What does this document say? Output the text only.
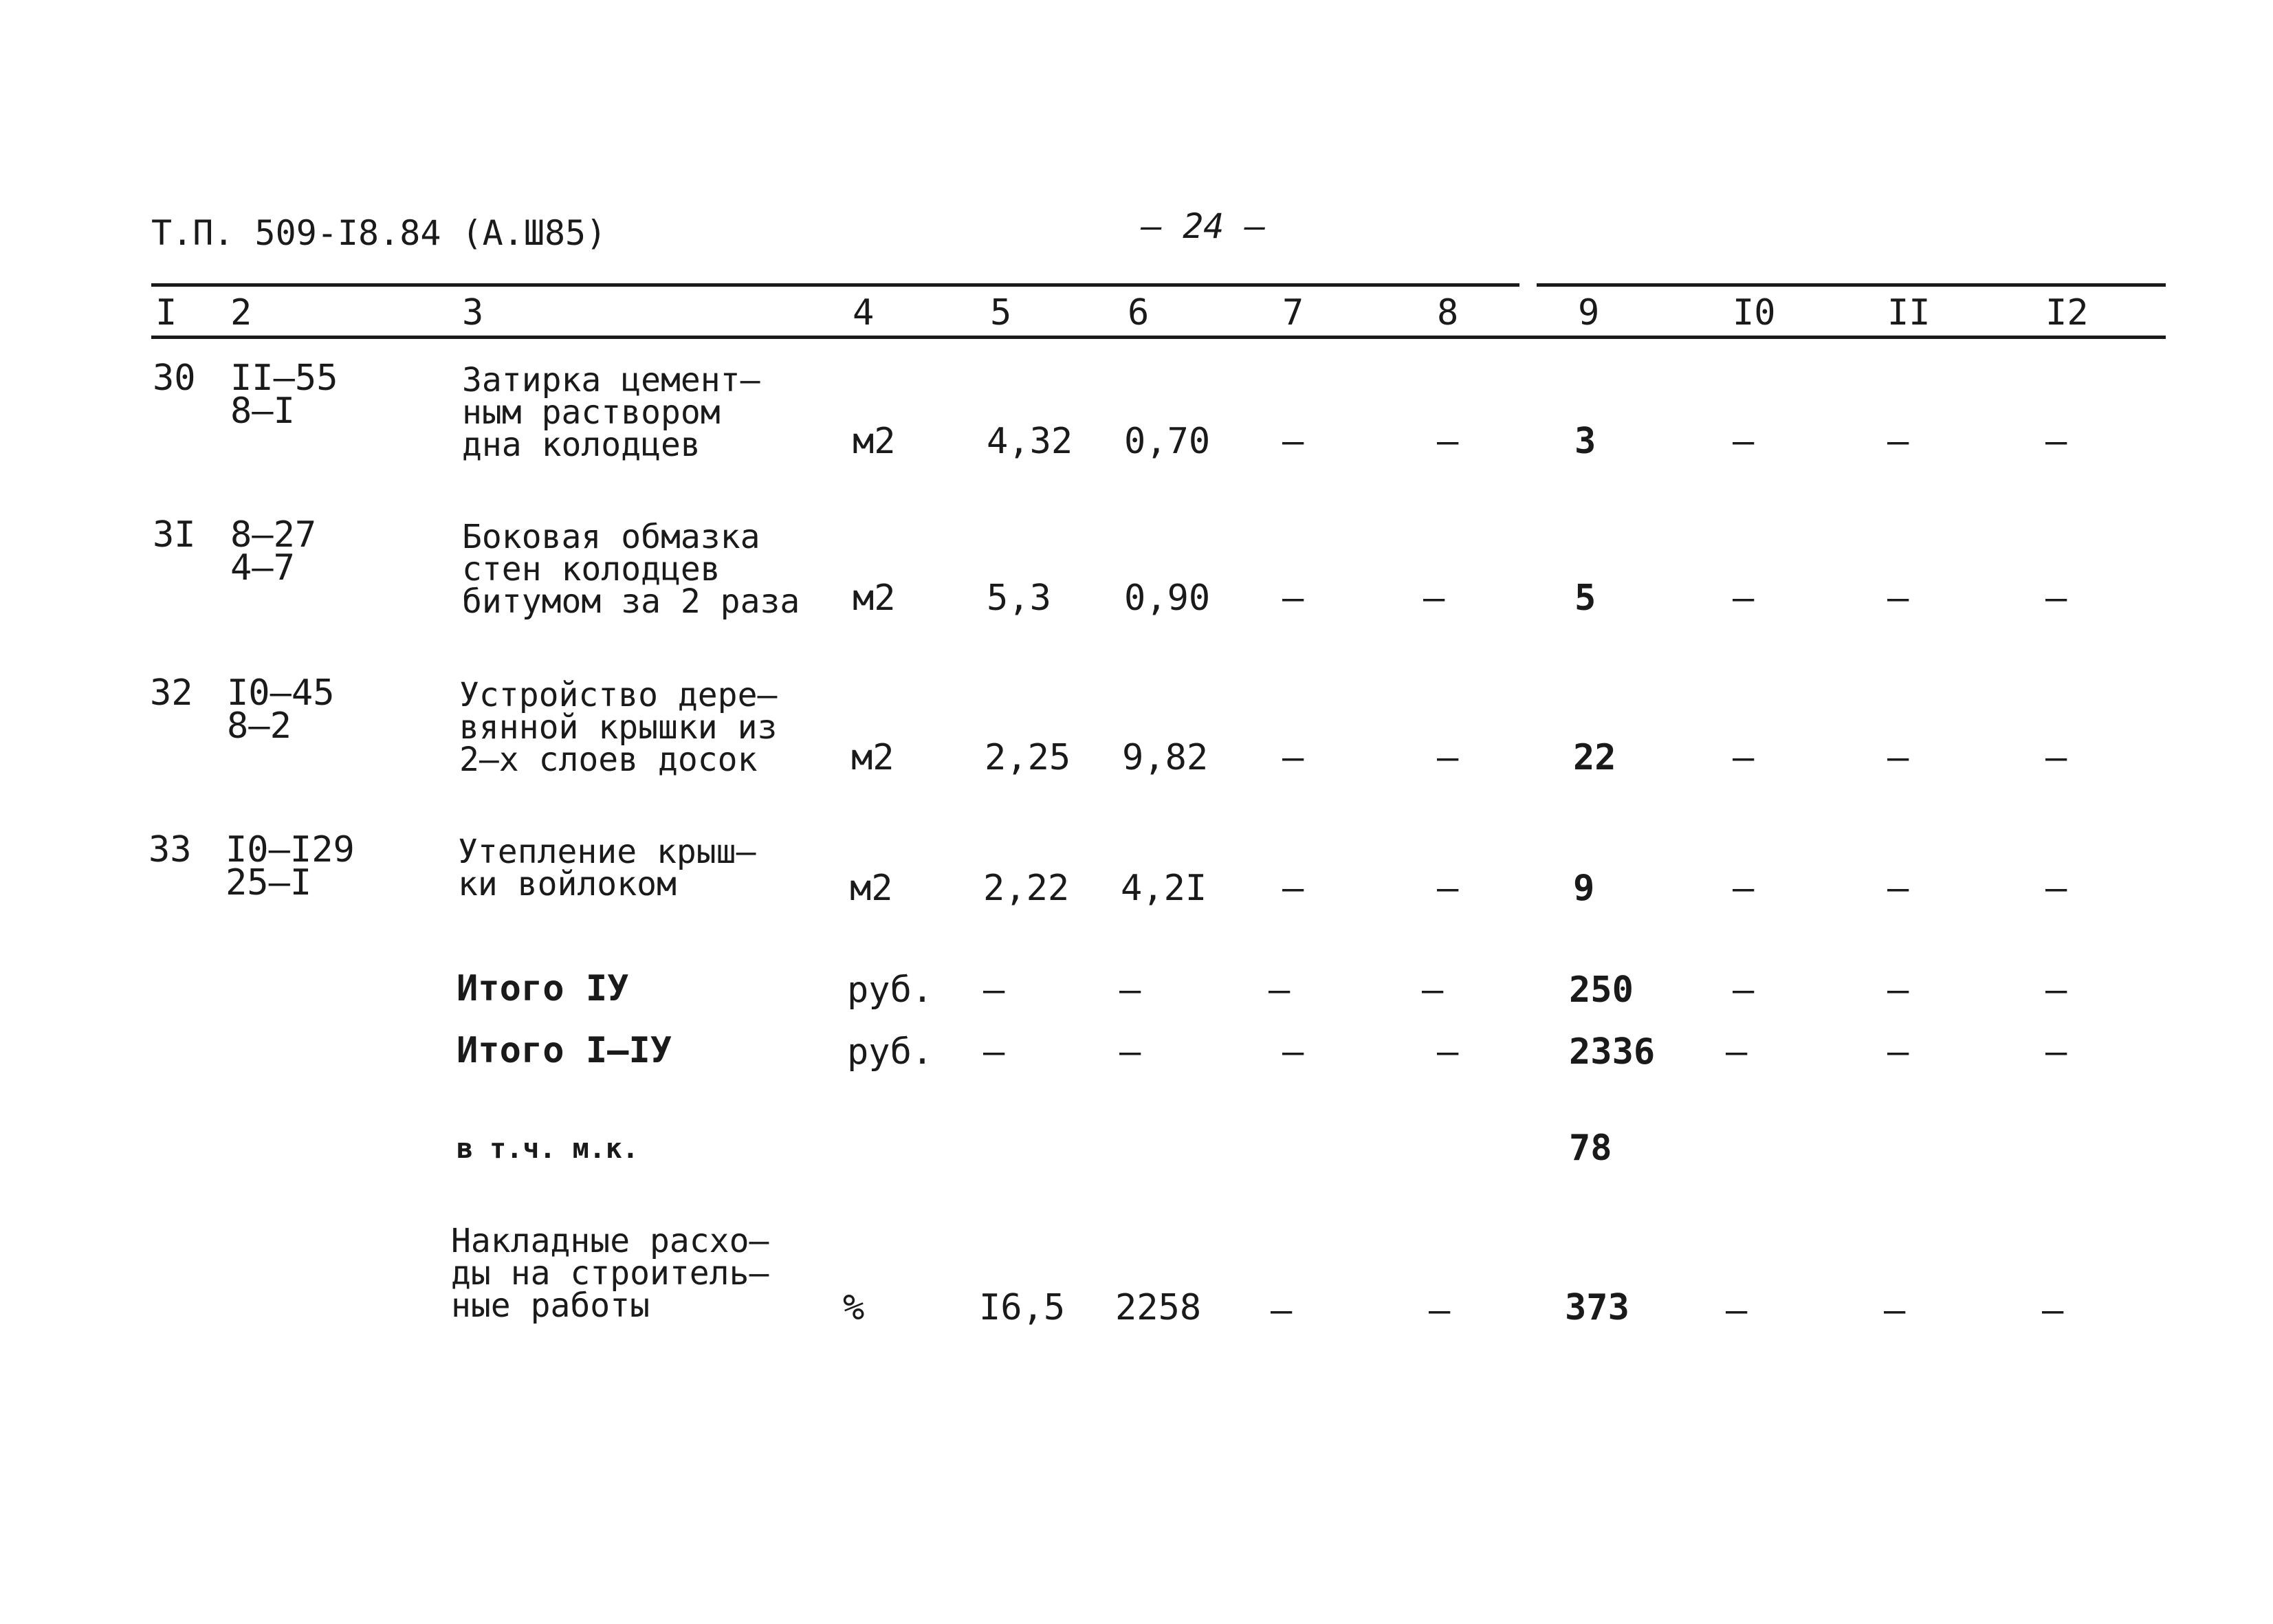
Т.П. 509-I8.84 (А.Ш85)	– 24 –
I 2	3	4	5	6	7	8	9	I0	II	I2
30 II–55
8–I
Затирка цемент–
ным раствором
дна колодцев	м2	4,32 0,70 –	–	3	–	–	–
3I 8–27
4–7
Боковая обмазка
стен колодцев
битумом за 2 раза м2	5,3 0,90 –	–	5	–	–	–
32 I0–45
8–2
Устройство дере–
вянной крышки из
2–х слоев досок	м2	2,25 9,82 –	–	22	–	–	–
33 I0–I29
25–I
Утепление крыш–
ки войлоком	м2	2,22 4,2I –	–	9	–	–	–
Итого IУ	руб. –	–	–	–	250	–	–	–
Итого I–IУ	руб. –	–	–	–	2336 –	–	–
в т.ч. м.к.	78
Накладные расхо–
ды на строитель–
ные работы	%	I6,5 2258 –	–	373	–	–	–
